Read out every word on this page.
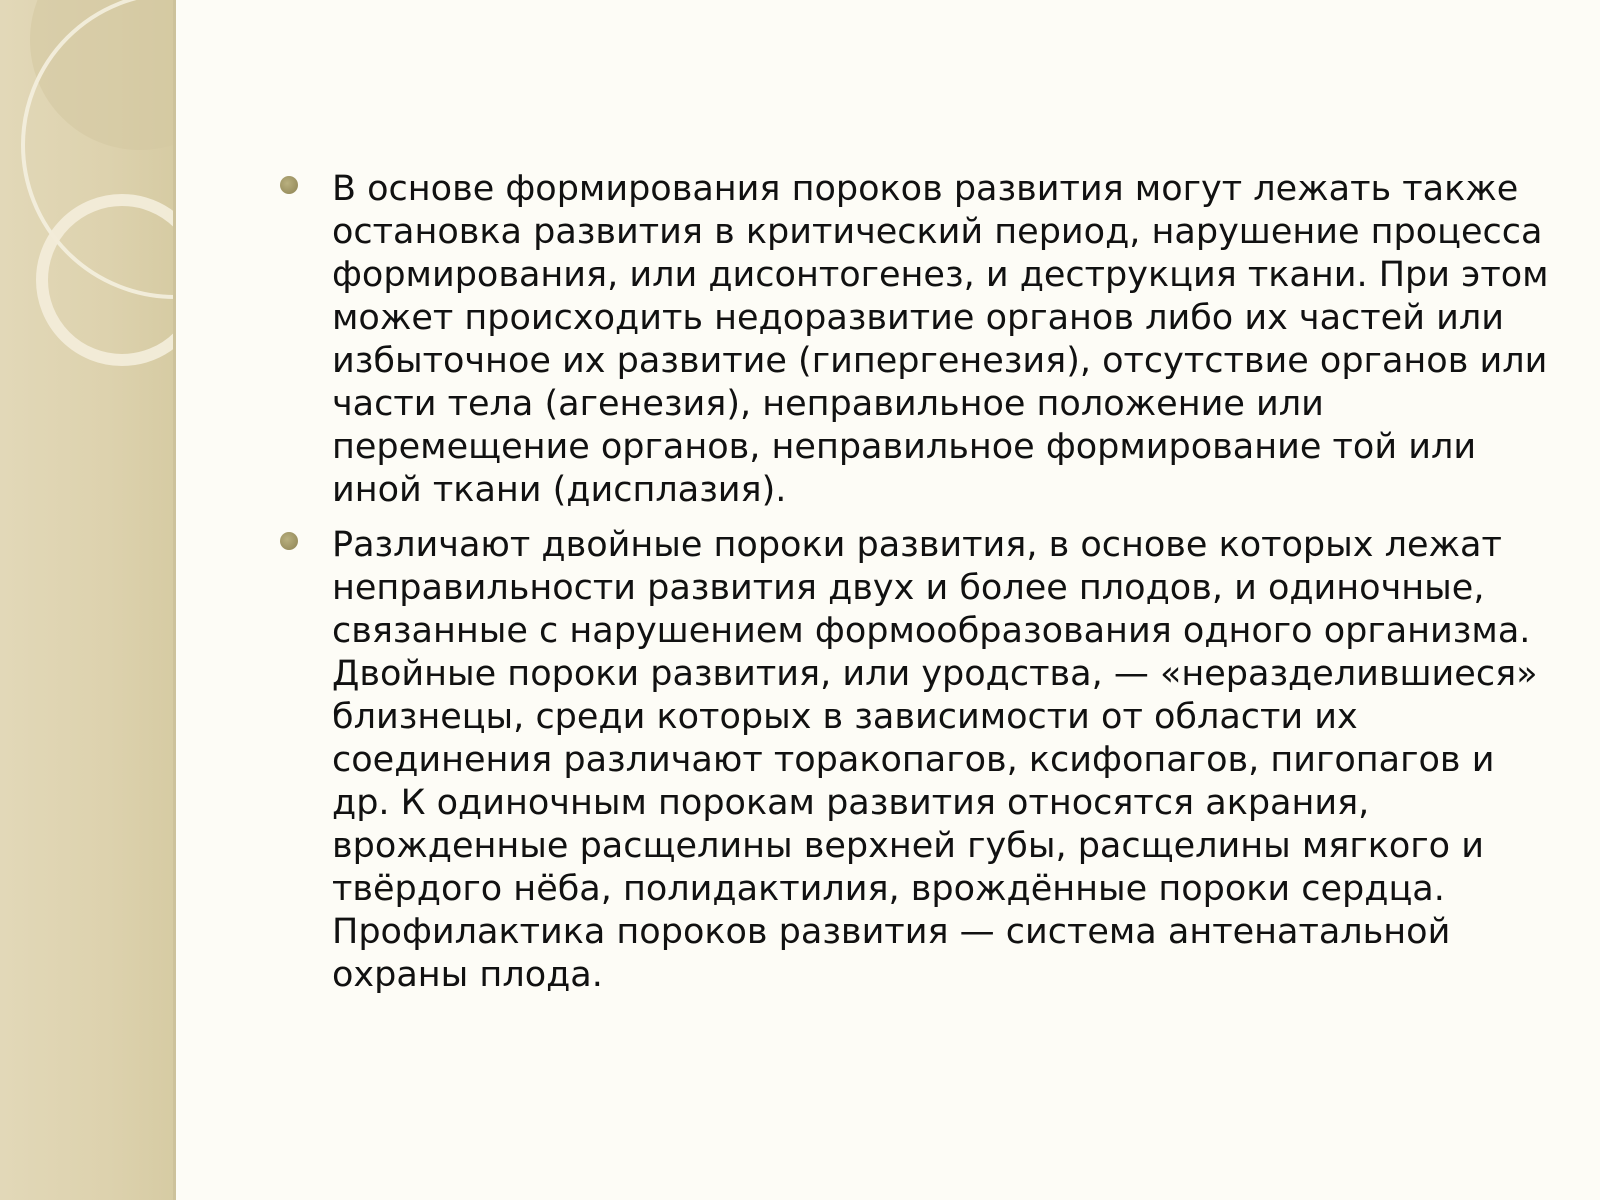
В основе формирования пороков развития могут лежать также остановка развития в критический период, нарушение процесса формирования, или дисонтогенез, и деструкция ткани. При этом может происходить недоразвитие органов либо их частей или избыточное их развитие (гипергенезия), отсутствие органов или части тела (агенезия), неправильное положение или перемещение органов, неправильное формирование той или иной ткани (дисплазия).
Различают двойные пороки развития, в основе которых лежат неправильности развития двух и более плодов, и одиночные, связанные с нарушением формообразования одного организма. Двойные пороки развития, или уродства, — «неразделившиеся» близнецы, среди которых в зависимости от области их соединения различают торакопагов, ксифопагов, пигопагов и др. К одиночным порокам развития относятся акрания, врожденные расщелины верхней губы, расщелины мягкого и твёрдого нёба, полидактилия, врождённые пороки сердца. Профилактика пороков развития — система антенатальной охраны плода.
